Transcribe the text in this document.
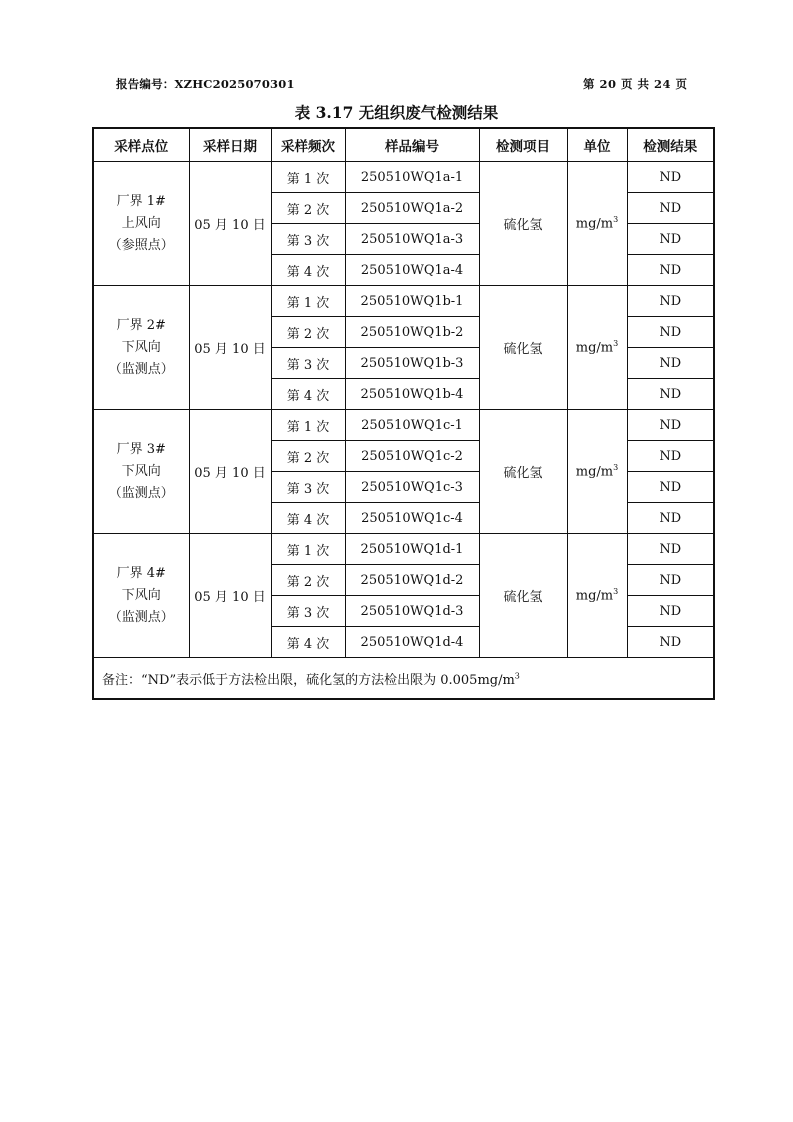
报告编号：XZHC2025070301	第 20 页 共 24 页
表 3.17 无组织废气检测结果
采样点位	采样日期	采样频次	样品编号	检测项目	单位	检测结果

厂界 1#
上风向
（参照点）	05 月 10 日	第 1 次	250510WQ1a-1	硫化氢	$mg/m^3$	ND
		第 2 次	250510WQ1a-2			ND
		第 3 次	250510WQ1a-3			ND
		第 4 次	250510WQ1a-4			ND

厂界 2#
下风向
（监测点）	05 月 10 日	第 1 次	250510WQ1b-1	硫化氢	$mg/m^3$	ND
		第 2 次	250510WQ1b-2			ND
		第 3 次	250510WQ1b-3			ND
		第 4 次	250510WQ1b-4			ND

厂界 3#
下风向
（监测点）	05 月 10 日	第 1 次	250510WQ1c-1	硫化氢	$mg/m^3$	ND
		第 2 次	250510WQ1c-2			ND
		第 3 次	250510WQ1c-3			ND
		第 4 次	250510WQ1c-4			ND

厂界 4#
下风向
（监测点）	05 月 10 日	第 1 次	250510WQ1d-1	硫化氢	$mg/m^3$	ND
		第 2 次	250510WQ1d-2			ND
		第 3 次	250510WQ1d-3			ND
		第 4 次	250510WQ1d-4			ND
备注：“ND”表示低于方法检出限，硫化氢的方法检出限为 $0.005mg/m^3$
